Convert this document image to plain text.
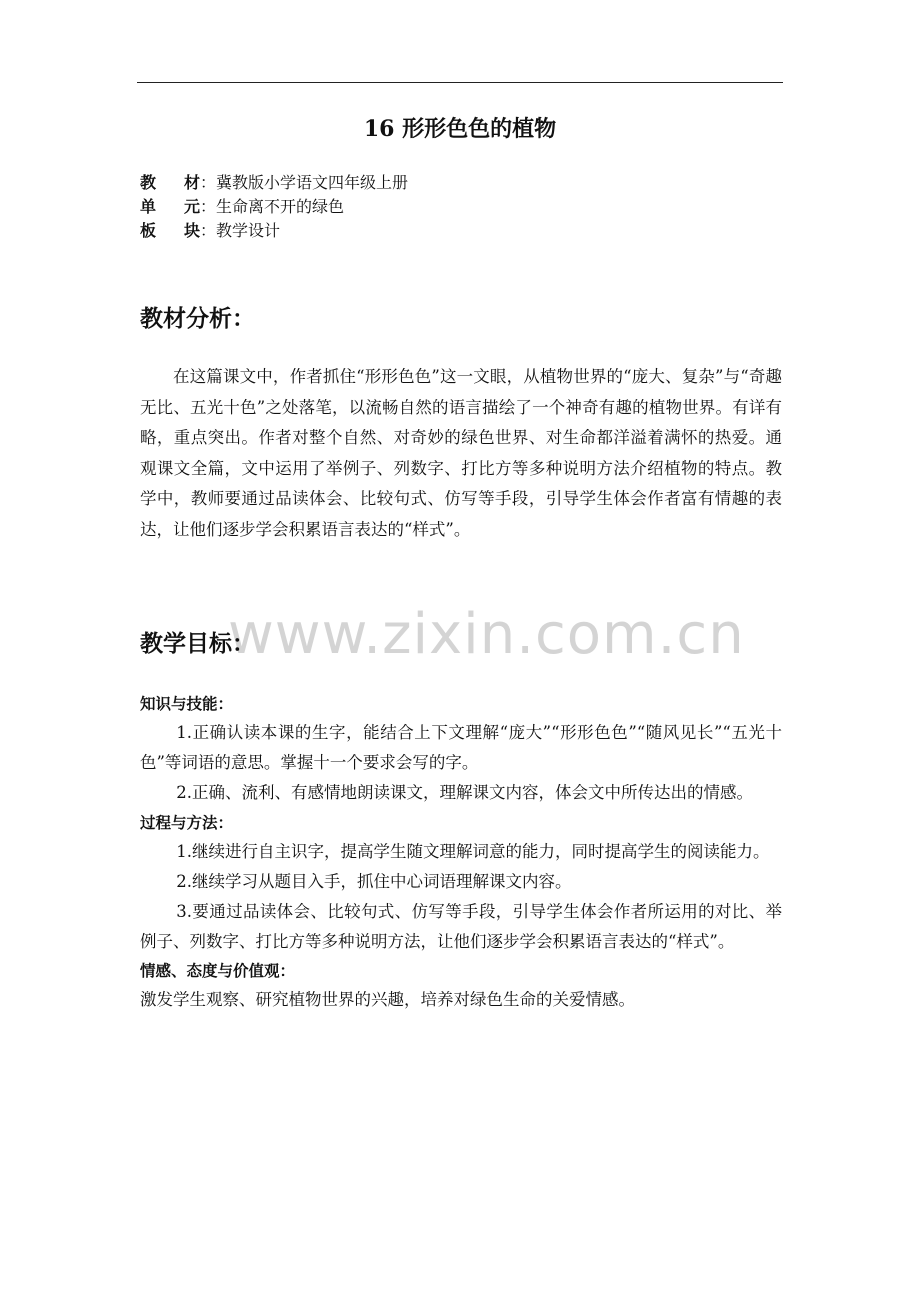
www.zixin.com.cn
16 形形色色的植物
教 材 ： 冀教版小学语文四年级上册
单 元 ： 生命离不开的绿色
板 块 ： 教学设计
教材分析：

在这篇课文中，作者抓住“形形色色”这一文眼，从植物世界的“庞大、复杂”与“奇趣无比、五光十色”之处落笔，以流畅自然的语言描绘了一个神奇有趣的植物世界。有详有略，重点突出。作者对整个自然、对奇妙的绿色世界、对生命都洋溢着满怀的热爱。通观课文全篇，文中运用了举例子、列数字、打比方等多种说明方法介绍植物的特点。教学中，教师要通过品读体会、比较句式、仿写等手段，引导学生体会作者富有情趣的表达，让他们逐步学会积累语言表达的“样式”。

教学目标：
知识与技能：

1.正确认读本课的生字，能结合上下文理解“庞大”“形形色色”“随风见长”“五光十色”等词语的意思。掌握十一个要求会写的字。

2.正确、流利、有感情地朗读课文，理解课文内容，体会文中所传达出的情感。

过程与方法：

1.继续进行自主识字，提高学生随文理解词意的能力，同时提高学生的阅读能力。

2.继续学习从题目入手，抓住中心词语理解课文内容。

3.要通过品读体会、比较句式、仿写等手段，引导学生体会作者所运用的对比、举例子、列数字、打比方等多种说明方法，让他们逐步学会积累语言表达的“样式”。

情感、态度与价值观：

激发学生观察、研究植物世界的兴趣，培养对绿色生命的关爱情感。
